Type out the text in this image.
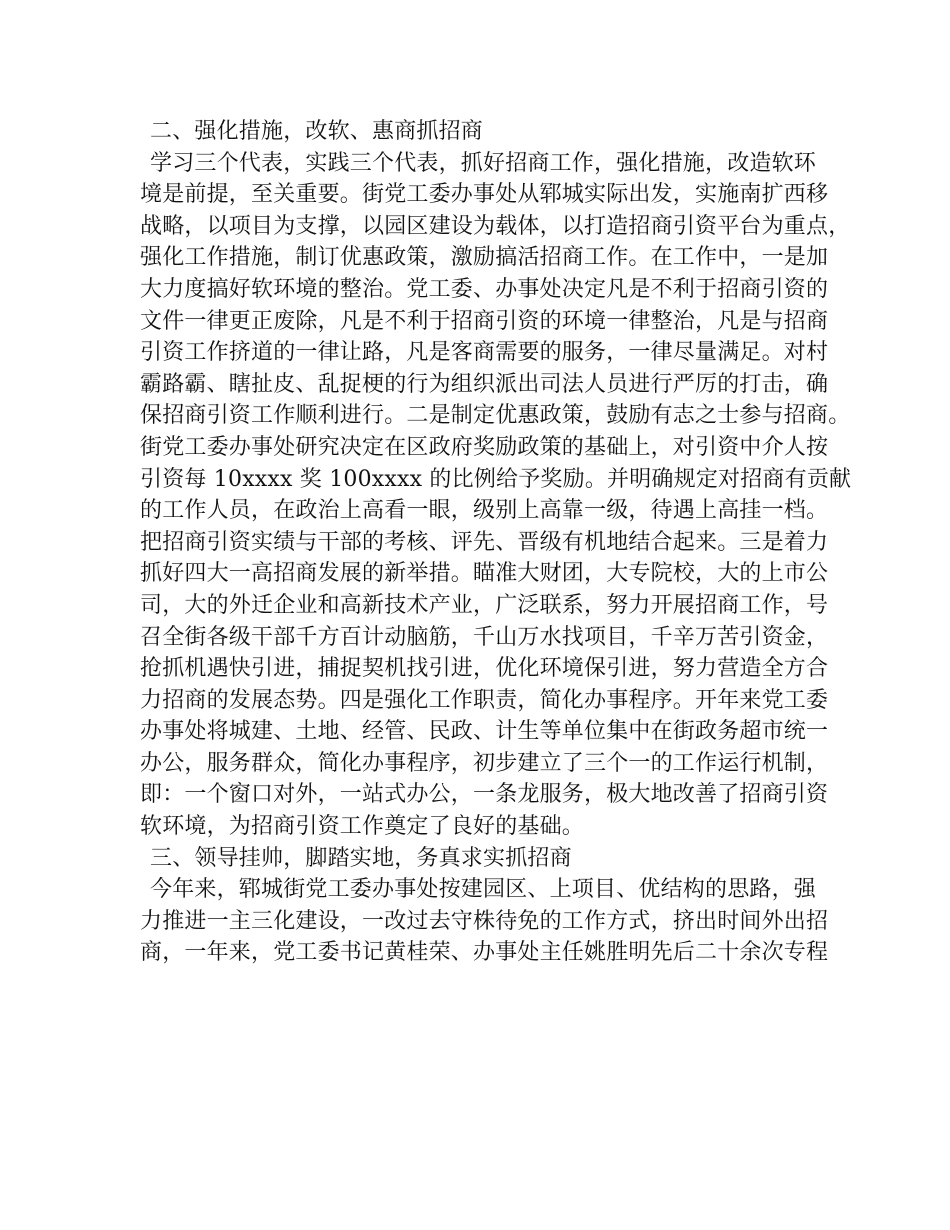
二、强化措施，改软、惠商抓招商
学习三个代表，实践三个代表，抓好招商工作，强化措施，改造软环
境是前提，至关重要。街党工委办事处从郓城实际出发，实施南扩西移
战略，以项目为支撑，以园区建设为载体，以打造招商引资平台为重点，
强化工作措施，制订优惠政策，激励搞活招商工作。在工作中，一是加
大力度搞好软环境的整治。党工委、办事处决定凡是不利于招商引资的
文件一律更正废除，凡是不利于招商引资的环境一律整治，凡是与招商
引资工作挤道的一律让路，凡是客商需要的服务，一律尽量满足。对村
霸路霸、瞎扯皮、乱捉梗的行为组织派出司法人员进行严厉的打击，确
保招商引资工作顺利进行。二是制定优惠政策，鼓励有志之士参与招商。
街党工委办事处研究决定在区政府奖励政策的基础上，对引资中介人按
引资每 10xxxx 奖 100xxxx 的比例给予奖励。并明确规定对招商有贡献
的工作人员，在政治上高看一眼，级别上高靠一级，待遇上高挂一档。
把招商引资实绩与干部的考核、评先、晋级有机地结合起来。三是着力
抓好四大一高招商发展的新举措。瞄准大财团，大专院校，大的上市公
司，大的外迁企业和高新技术产业，广泛联系，努力开展招商工作，号
召全街各级干部千方百计动脑筋，千山万水找项目，千辛万苦引资金，
抢抓机遇快引进，捕捉契机找引进，优化环境保引进，努力营造全方合
力招商的发展态势。四是强化工作职责，简化办事程序。开年来党工委
办事处将城建、土地、经管、民政、计生等单位集中在街政务超市统一
办公，服务群众，简化办事程序，初步建立了三个一的工作运行机制，
即：一个窗口对外，一站式办公，一条龙服务，极大地改善了招商引资
软环境，为招商引资工作奠定了良好的基础。
三、领导挂帅，脚踏实地，务真求实抓招商
今年来，郓城街党工委办事处按建园区、上项目、优结构的思路，强
力推进一主三化建设，一改过去守株待免的工作方式，挤出时间外出招
商，一年来，党工委书记黄桂荣、办事处主任姚胜明先后二十余次专程
